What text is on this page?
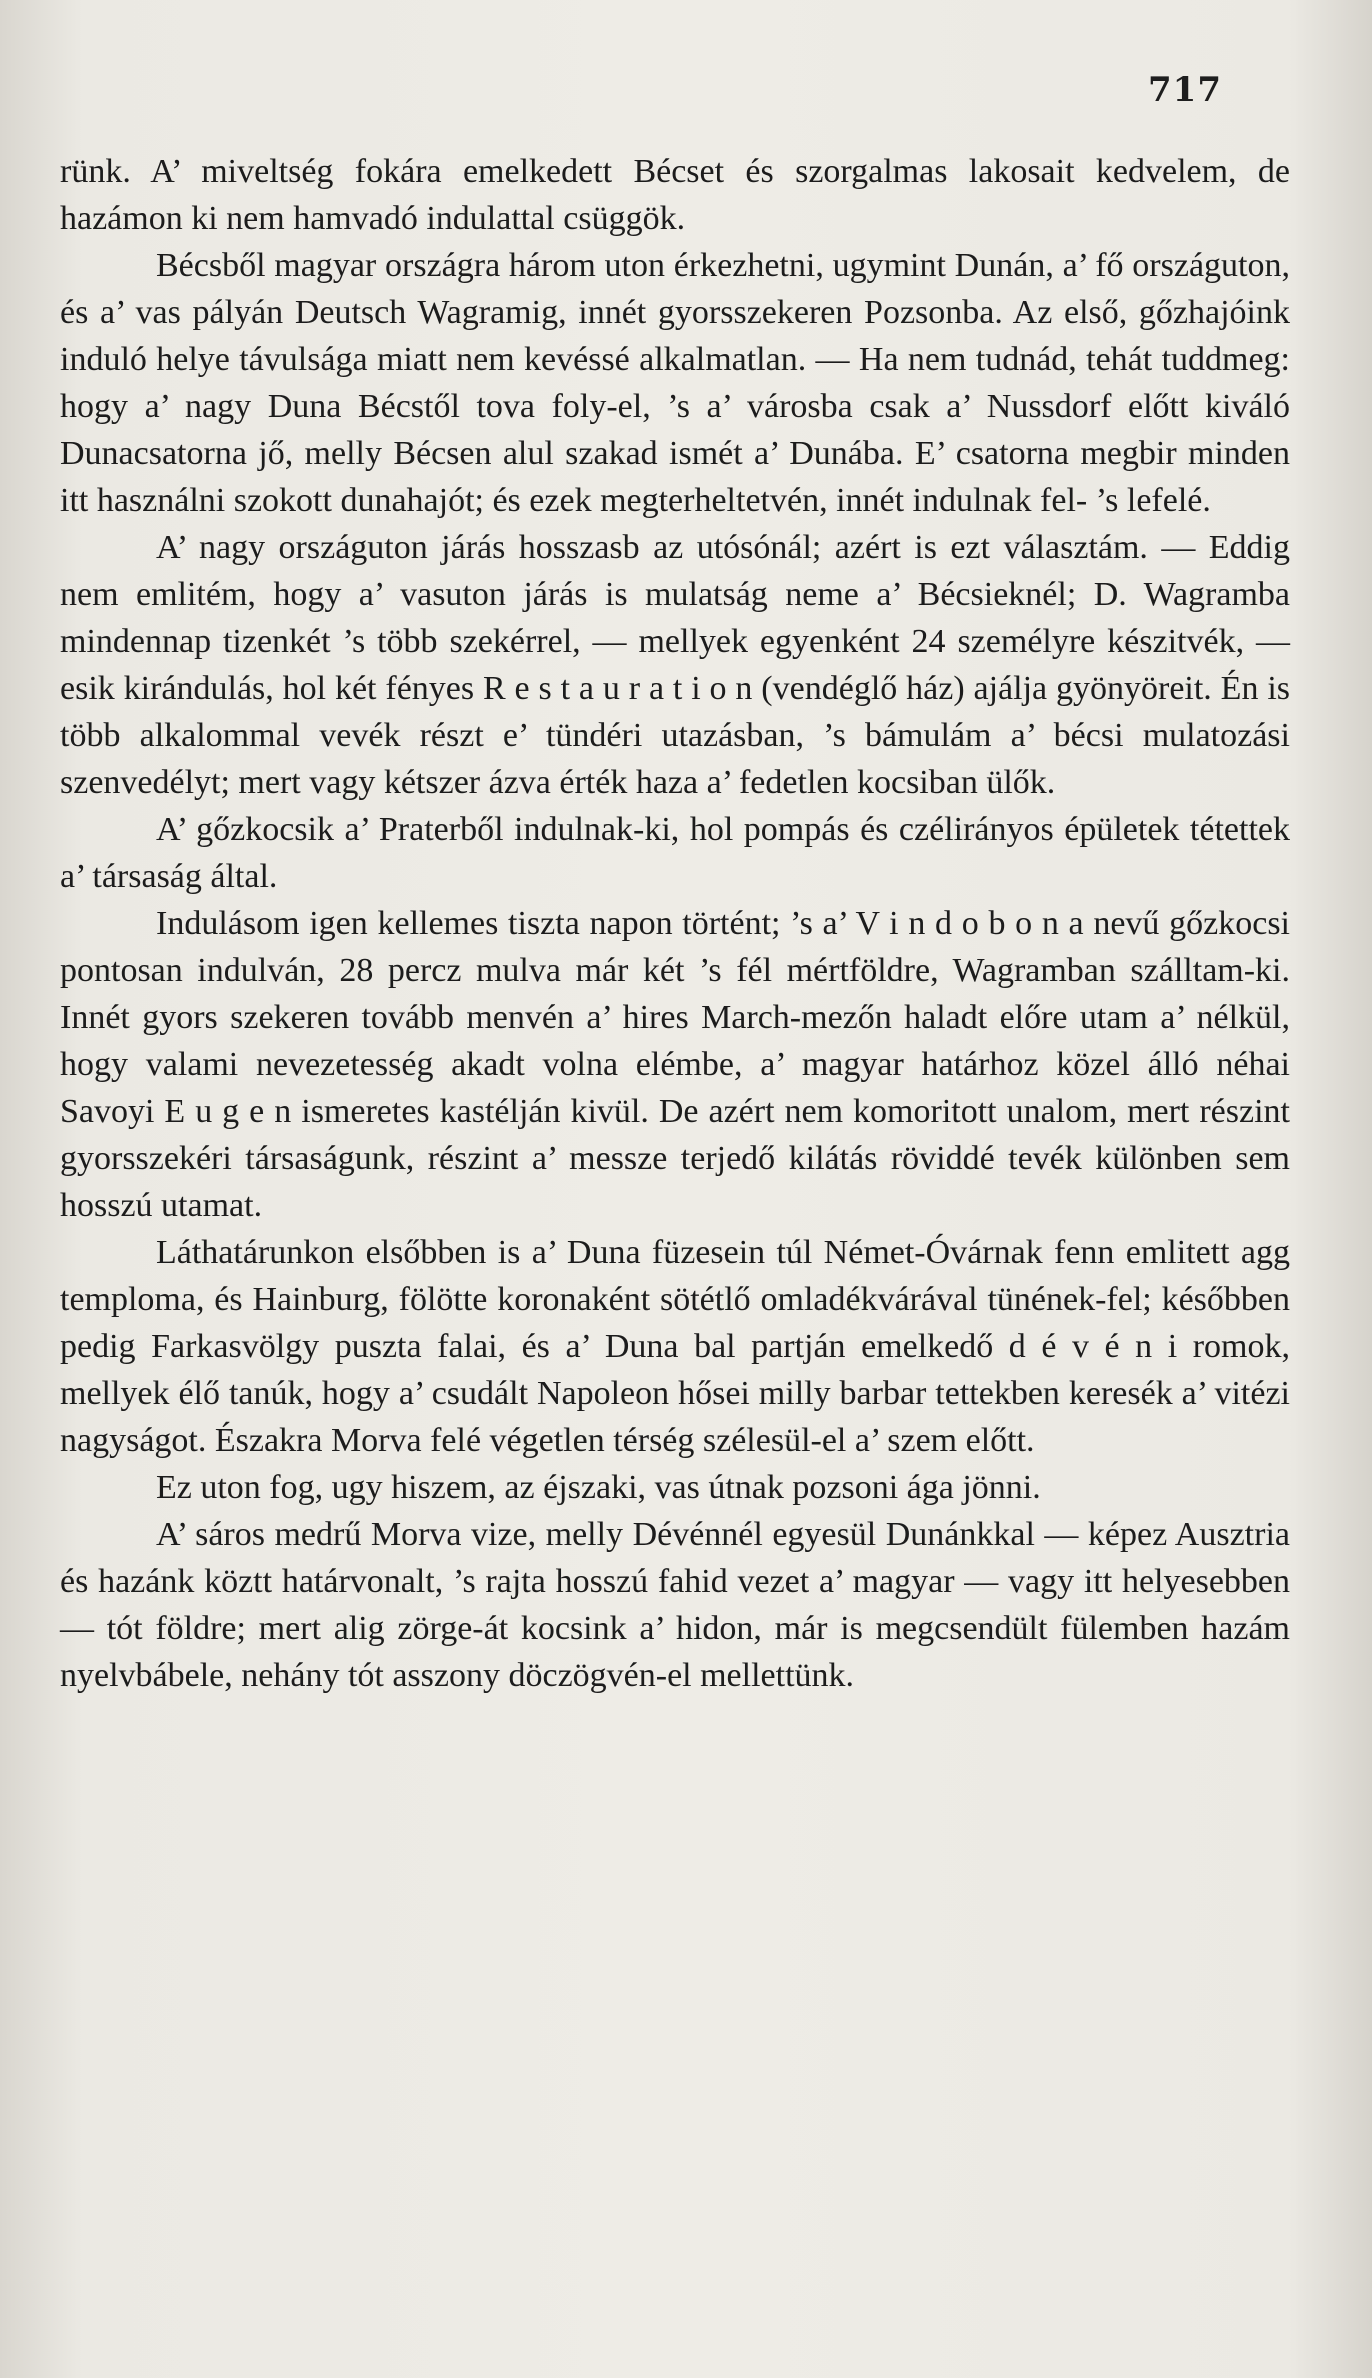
717

rünk. A’ miveltség fokára emelkedett Bécset és szorgalmas lakosait kedvelem, de hazámon ki nem hamvadó indulattal csüggök.

Bécsből magyar országra három uton érkezhetni, ugymint Dunán, a’ fő országuton, és a’ vas pályán Deutsch Wagramig, innét gyorsszekeren Pozsonba. Az első, gőzhajóink induló helye távulsága miatt nem kevéssé alkalmatlan. — Ha nem tudnád, tehát tuddmeg: hogy a’ nagy Duna Bécstől tova foly-el, ’s a’ városba csak a’ Nussdorf előtt kiváló Dunacsatorna jő, melly Bécsen alul szakad ismét a’ Dunába. E’ csatorna megbir minden itt használni szokott dunahajót; és ezek megterheltetvén, innét indulnak fel- ’s lefelé.

A’ nagy országuton járás hosszasb az utósónál; azért is ezt választám. — Eddig nem emlitém, hogy a’ vasuton járás is mulatság neme a’ Bécsieknél; D. Wagramba mindennap tizenkét ’s több szekérrel, — mellyek egyenként 24 személyre készitvék, — esik kirándulás, hol két fényes R e s t a u r a t i o n (vendéglő ház) ajálja gyönyöreit. Én is több alkalommal vevék részt e’ tündéri utazásban, ’s bámulám a’ bécsi mulatozási szenvedélyt; mert vagy kétszer ázva érték haza a’ fedetlen kocsiban ülők.

A’ gőzkocsik a’ Praterből indulnak-ki, hol pompás és czélirányos épületek tétettek a’ társaság által.

Indulásom igen kellemes tiszta napon történt; ’s a’ V i n d o b o n a nevű gőzkocsi pontosan indulván, 28 percz mulva már két ’s fél mértföldre, Wagramban szálltam-ki. Innét gyors szekeren tovább menvén a’ hires March-mezőn haladt előre utam a’ nélkül, hogy valami nevezetesség akadt volna elémbe, a’ magyar határhoz közel álló néhai Savoyi E u g e n ismeretes kastélján kivül. De azért nem komoritott unalom, mert részint gyorsszekéri társaságunk, részint a’ messze terjedő kilátás röviddé tevék különben sem hosszú utamat.

Láthatárunkon elsőbben is a’ Duna füzesein túl Német-Óvárnak fenn emlitett agg temploma, és Hainburg, fölötte koronaként sötétlő omladékvárával tünének-fel; későbben pedig Farkasvölgy puszta falai, és a’ Duna bal partján emelkedő d é v é n i romok, mellyek élő tanúk, hogy a’ csudált Napoleon hősei milly barbar tettekben keresék a’ vitézi nagyságot. Északra Morva felé végetlen térség szélesül-el a’ szem előtt.

Ez uton fog, ugy hiszem, az éjszaki, vas útnak pozsoni ága jönni.

A’ sáros medrű Morva vize, melly Dévénnél egyesül Dunánkkal — képez Ausztria és hazánk köztt határvonalt, ’s rajta hosszú fahid vezet a’ magyar — vagy itt helyesebben — tót földre; mert alig zörge-át kocsink a’ hidon, már is megcsendült fülemben hazám nyelvbábele, nehány tót asszony döczögvén-el mellettünk.
